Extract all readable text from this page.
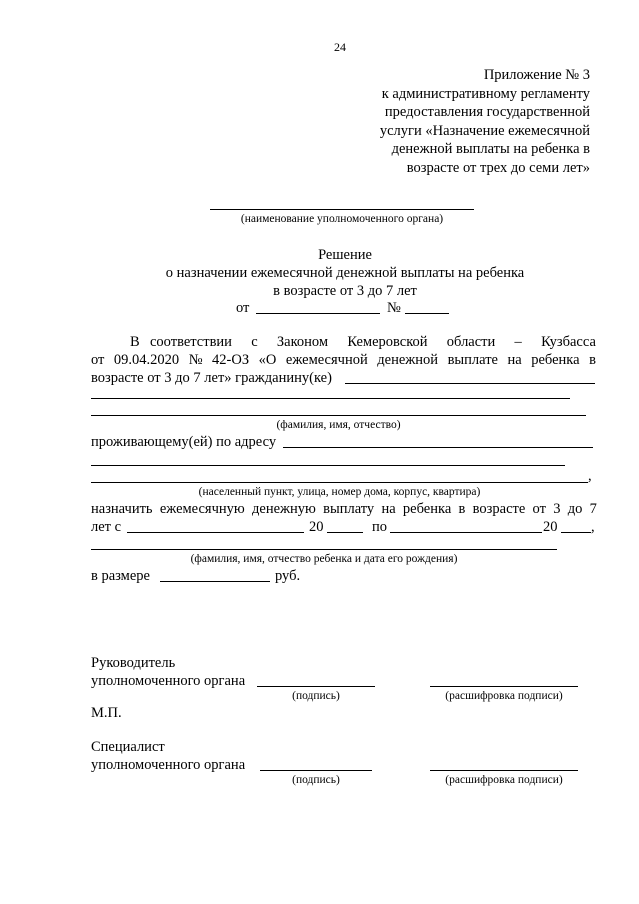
24
Приложение № 3
к административному регламенту
предоставления государственной
услуги «Назначение ежемесячной
денежной выплаты на ребенка в
возрасте от трех до семи лет»
(наименование уполномоченного органа)
Решение
о назначении ежемесячной денежной выплаты на ребенка
в возрасте от 3 до 7 лет
от	№
В соответствии с Законом Кемеровской области – Кузбасса
от 09.04.2020 № 42-ОЗ «О ежемесячной денежной выплате на ребенка в
возрасте от 3 до 7 лет» гражданину(ке)
(фамилия, имя, отчество)
проживающему(ей) по адресу
,
(населенный пункт, улица, номер дома, корпус, квартира)
назначить ежемесячную денежную выплату на ребенка в возрасте от 3 до 7
лет с	20	по	20 ,
(фамилия, имя, отчество ребенка и дата его рождения)
в размере	руб.
Руководитель
уполномоченного органа
(подпись)	(расшифровка подписи)
М.П.
Специалист
уполномоченного органа
(подпись)	(расшифровка подписи)
